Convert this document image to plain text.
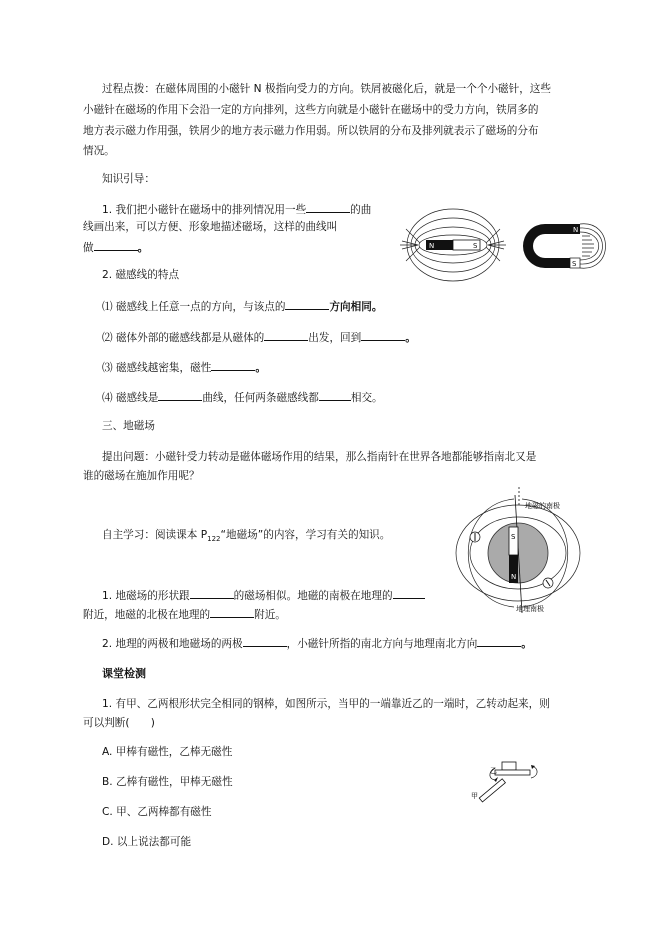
过程点拨：在磁体周围的小磁针 N 极指向受力的方向。铁屑被磁化后，就是一个个小磁针，这些
小磁针在磁场的作用下会沿一定的方向排列，这些方向就是小磁针在磁场中的受力方向，铁屑多的
地方表示磁力作用强，铁屑少的地方表示磁力作用弱。所以铁屑的分布及排列就表示了磁场的分布
情况。
知识引导：
1. 我们把小磁针在磁场中的排列情况用一些	的曲
线画出来，可以方便、形象地描述磁场，这样的曲线叫
做	。
2. 磁感线的特点
⑴ 磁感线上任意一点的方向，与该点的	方向相同。
⑵ 磁体外部的磁感线都是从磁体的	出发，回到	。
⑶ 磁感线越密集，磁性	。
⑷ 磁感线是	曲线，任何两条磁感线都	相交。
三、地磁场
提出问题：小磁针受力转动是磁体磁场作用的结果，那么指南针在世界各地都能够指南北又是
谁的磁场在施加作用呢？
自主学习：阅读课本 $P_{122}“$地磁场”的内容，学习有关的知识。
1. 地磁场的形状跟	的磁场相似。地磁的南极在地理的
附近，地磁的北极在地理的	附近。
2. 地理的两极和地磁场的两极	，小磁针所指的南北方向与地理南北方向	。
课堂检测
1. 有甲、乙两根形状完全相同的钢棒，如图所示，当甲的一端靠近乙的一端时，乙转动起来，则
可以判断(　　)
A. 甲棒有磁性，乙棒无磁性
B. 乙棒有磁性，甲棒无磁性
C. 甲、乙两棒都有磁性
D. 以上说法都可能
N	S
N
S
S
N
地磁的南极
地理南极
乙
甲
